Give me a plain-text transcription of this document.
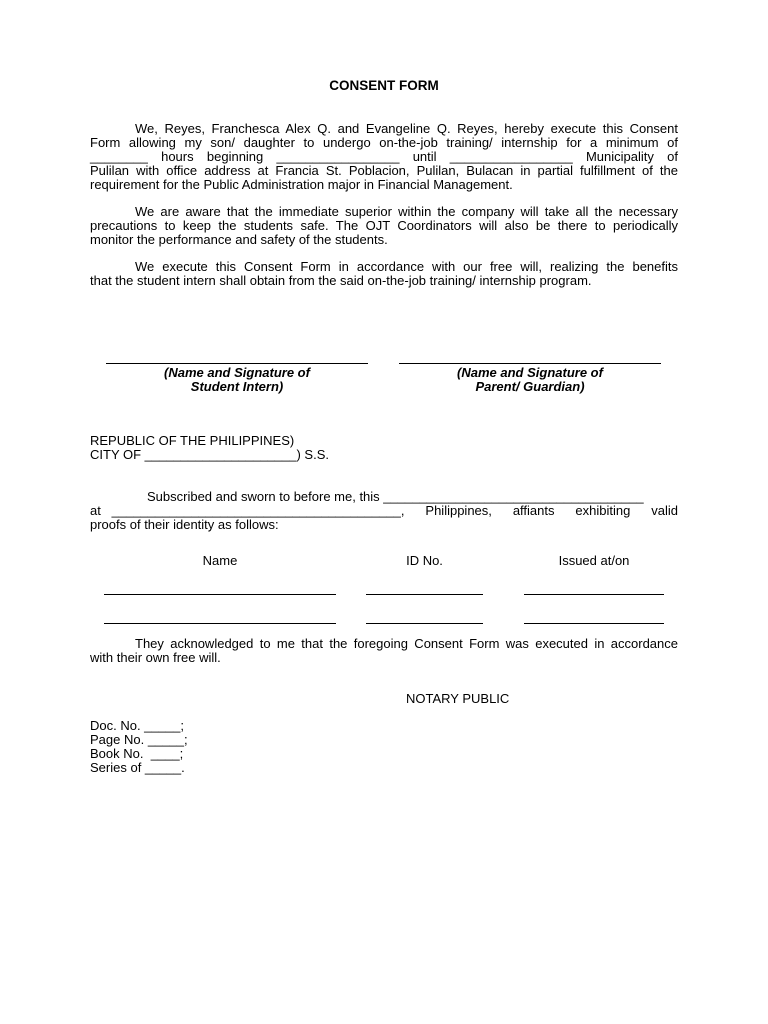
CONSENT FORM
We, Reyes, Franchesca Alex Q. and Evangeline Q. Reyes, hereby execute this Consent
Form allowing my son/ daughter to undergo on-the-job training/ internship for a minimum of
________ hours beginning _________________ until _________________ Municipality of
Pulilan with office address at Francia St. Poblacion, Pulilan, Bulacan in partial fulfillment of the
requirement for the Public Administration major in Financial Management.
We are aware that the immediate superior within the company will take all the necessary
precautions to keep the students safe. The OJT Coordinators will also be there to periodically
monitor the performance and safety of the students.
We execute this Consent Form in accordance with our free will, realizing the benefits
that the student intern shall obtain from the said on-the-job training/ internship program.
(Name and Signature of
Student Intern)
(Name and Signature of
Parent/ Guardian)
REPUBLIC OF THE PHILIPPINES)
CITY OF _____________________) S.S.
Subscribed and sworn to before me, this ____________________________________
at   ________________________________________, Philippines, affiants exhibiting valid
proofs of their identity as follows:
Name	ID No.	Issued at/on
They acknowledged to me that the foregoing Consent Form was executed in accordance
with their own free will.
NOTARY PUBLIC
Doc. No. _____;
Page No. _____;
Book No.  ____;
Series of _____.
